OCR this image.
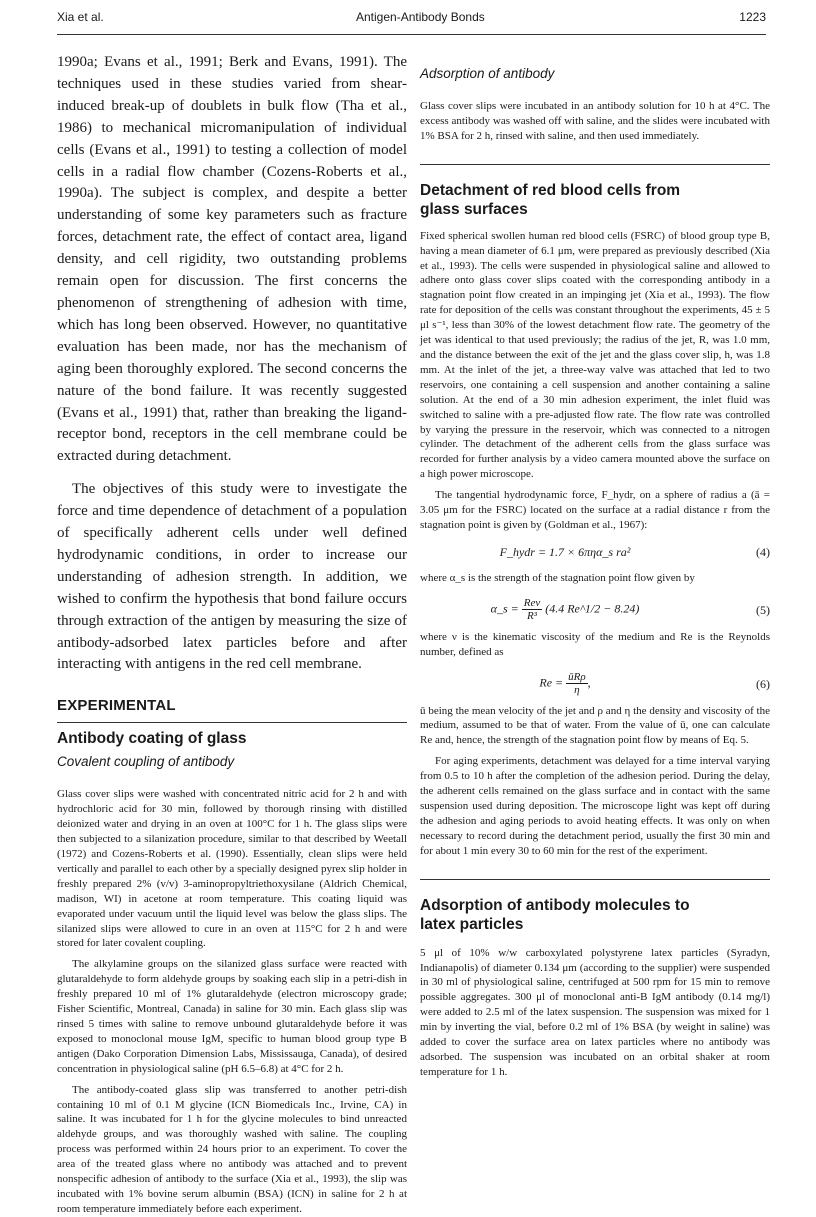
Xia et al.	Antigen-Antibody Bonds	1223

1990a; Evans et al., 1991; Berk and Evans, 1991). The techniques used in these studies varied from shear-induced break-up of doublets in bulk flow (Tha et al., 1986) to mechanical micromanipulation of individual cells (Evans et al., 1991) to testing a collection of model cells in a radial flow chamber (Cozens-Roberts et al., 1990a). The subject is complex, and despite a better understanding of some key parameters such as fracture forces, detachment rate, the effect of contact area, ligand density, and cell rigidity, two outstanding problems remain open for discussion. The first concerns the phenomenon of strengthening of adhesion with time, which has long been observed. However, no quantitative evaluation has been made, nor has the mechanism of aging been thoroughly explored. The second concerns the nature of the bond failure. It was recently suggested (Evans et al., 1991) that, rather than breaking the ligand-receptor bond, receptors in the cell membrane could be extracted during detachment.

The objectives of this study were to investigate the force and time dependence of detachment of a population of specifically adherent cells under well defined hydrodynamic conditions, in order to increase our understanding of adhesion strength. In addition, we wished to confirm the hypothesis that bond failure occurs through extraction of the antigen by measuring the size of antibody-adsorbed latex particles before and after interacting with antigens in the red cell membrane.

EXPERIMENTAL
Antibody coating of glass
Covalent coupling of antibody

Glass cover slips were washed with concentrated nitric acid for 2 h and with hydrochloric acid for 30 min, followed by thorough rinsing with distilled deionized water and drying in an oven at 100°C for 1 h. The glass slips were then subjected to a silanization procedure, similar to that described by Weetall (1972) and Cozens-Roberts et al. (1990). Essentially, clean slips were held vertically and parallel to each other by a specially designed pyrex slip holder in freshly prepared 2% (v/v) 3-aminopropyltriethoxysilane (Aldrich Chemical, madison, WI) in acetone at room temperature. This coating liquid was evaporated under vacuum until the liquid level was below the glass slips. The silanized slips were allowed to cure in an oven at 115°C for 2 h and were stored for later covalent coupling.

The alkylamine groups on the silanized glass surface were reacted with glutaraldehyde to form aldehyde groups by soaking each slip in a petri-dish in freshly prepared 10 ml of 1% glutaraldehyde (electron microscopy grade; Fisher Scientific, Montreal, Canada) in saline for 30 min. Each glass slip was rinsed 5 times with saline to remove unbound glutaraldehyde before it was exposed to monoclonal mouse IgM, specific to human blood group type B antigen (Dako Corporation Dimension Labs, Mississauga, Canada), of desired concentration in physiological saline (pH 6.5–6.8) at 4°C for 2 h.

The antibody-coated glass slip was transferred to another petri-dish containing 10 ml of 0.1 M glycine (ICN Biomedicals Inc., Irvine, CA) in saline. It was incubated for 1 h for the glycine molecules to bind unreacted aldehyde groups, and was thoroughly washed with saline. The coupling process was performed within 24 hours prior to an experiment. To cover the area of the treated glass where no antibody was attached and to prevent nonspecific adhesion of antibody to the surface (Xia et al., 1993), the slip was incubated with 1% bovine serum albumin (BSA) (ICN) in saline for 2 h at room temperature immediately before each experiment.

Adsorption of antibody

Glass cover slips were incubated in an antibody solution for 10 h at 4°C. The excess antibody was washed off with saline, and the slides were incubated with 1% BSA for 2 h, rinsed with saline, and then used immediately.

Detachment of red blood cells from
glass surfaces

Fixed spherical swollen human red blood cells (FSRC) of blood group type B, having a mean diameter of 6.1 μm, were prepared as previously described (Xia et al., 1993). The cells were suspended in physiological saline and allowed to adhere onto glass cover slips coated with the corresponding antibody in a stagnation point flow created in an impinging jet (Xia et al., 1993). The flow rate for deposition of the cells was constant throughout the experiments, 45 ± 5 μl s⁻¹, less than 30% of the lowest detachment flow rate. The geometry of the jet was identical to that used previously; the radius of the jet, R, was 1.0 mm, and the distance between the exit of the jet and the glass cover slip, h, was 1.8 mm. At the inlet of the jet, a three-way valve was attached that led to two reservoirs, one containing a cell suspension and another containing a saline solution. At the end of a 30 min adhesion experiment, the inlet fluid was switched to saline with a pre-adjusted flow rate. The flow rate was controlled by varying the pressure in the reservoir, which was connected to a nitrogen cylinder. The detachment of the adherent cells from the glass surface was recorded for further analysis by a video camera mounted above the surface on a high power microscope.

The tangential hydrodynamic force, F_hydr, on a sphere of radius a (ā = 3.05 μm for the FSRC) located on the surface at a radial distance r from the stagnation point is given by (Goldman et al., 1967):

F_hydr = 1.7 × 6πηα_s ra²	(4)

where α_s is the strength of the stagnation point flow given by

α_s = $\frac{\text{Reν}}{\text{R³}} (4.4$ Re^1/2 − 8.24)	(5)

where ν is the kinematic viscosity of the medium and Re is the Reynolds number, defined as

$Re = \frac{\text{ūRρ}}{\eta}$ ,	(6)

ū being the mean velocity of the jet and ρ and η the density and viscosity of the medium, assumed to be that of water. From the value of ū, one can calculate Re and, hence, the strength of the stagnation point flow by means of Eq. 5.

For aging experiments, detachment was delayed for a time interval varying from 0.5 to 10 h after the completion of the adhesion period. During the delay, the adherent cells remained on the glass surface and in contact with the same suspension used during deposition. The microscope light was kept off during the adhesion and aging periods to avoid heating effects. It was only on when necessary to record during the detachment period, usually the first 30 min and for about 1 min every 30 to 60 min for the rest of the experiment.

Adsorption of antibody molecules to
latex particles

5 μl of 10% w/w carboxylated polystyrene latex particles (Syradyn, Indianapolis) of diameter 0.134 μm (according to the supplier) were suspended in 30 ml of physiological saline, centrifuged at 500 rpm for 15 min to remove possible aggregates. 300 μl of monoclonal anti-B IgM antibody (0.14 mg/l) were added to 2.5 ml of the latex suspension. The suspension was mixed for 1 min by inverting the vial, before 0.2 ml of 1% BSA (by weight in saline) was added to cover the surface area on latex particles where no antibody was adsorbed. The suspension was incubated on an orbital shaker at room temperature for 1 h.
